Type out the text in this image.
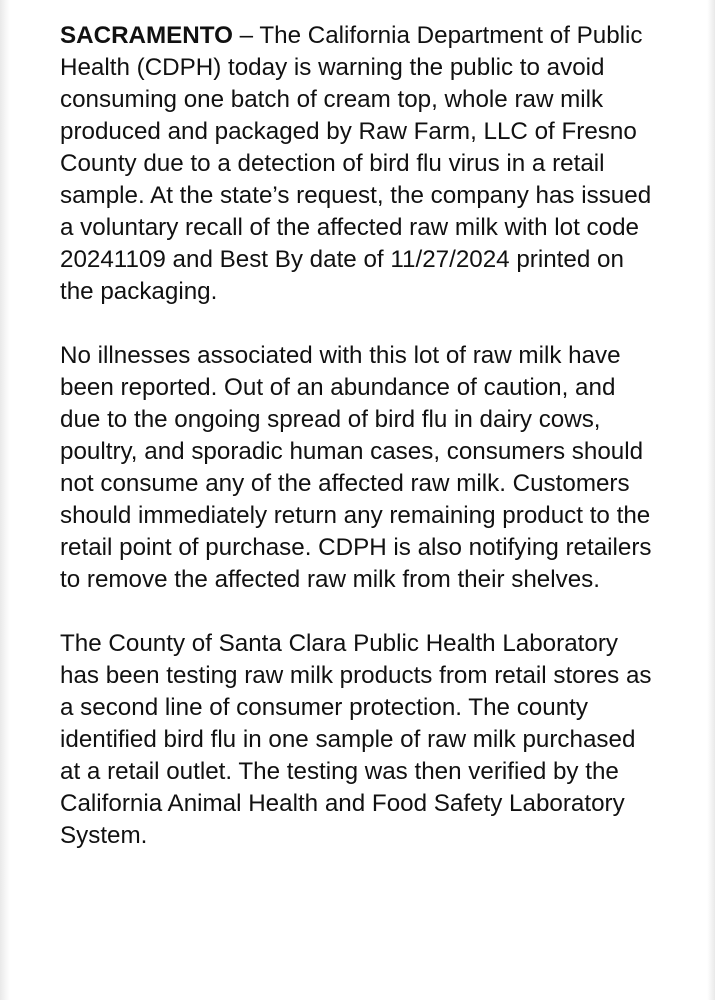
SACRAMENTO – The California Department of Public Health (CDPH) today is warning the public to avoid consuming one batch of cream top, whole raw milk produced and packaged by Raw Farm, LLC of Fresno County due to a detection of bird flu virus in a retail sample. At the state’s request, the company has issued a voluntary recall of the affected raw milk with lot code 20241109 and Best By date of 11/27/2024 printed on the packaging.

No illnesses associated with this lot of raw milk have been reported. Out of an abundance of caution, and due to the ongoing spread of bird flu in dairy cows, poultry, and sporadic human cases, consumers should not consume any of the affected raw milk. Customers should immediately return any remaining product to the retail point of purchase. CDPH is also notifying retailers to remove the affected raw milk from their shelves.

The County of Santa Clara Public Health Laboratory has been testing raw milk products from retail stores as a second line of consumer protection. The county identified bird flu in one sample of raw milk purchased at a retail outlet. The testing was then verified by the California Animal Health and Food Safety Laboratory System.
